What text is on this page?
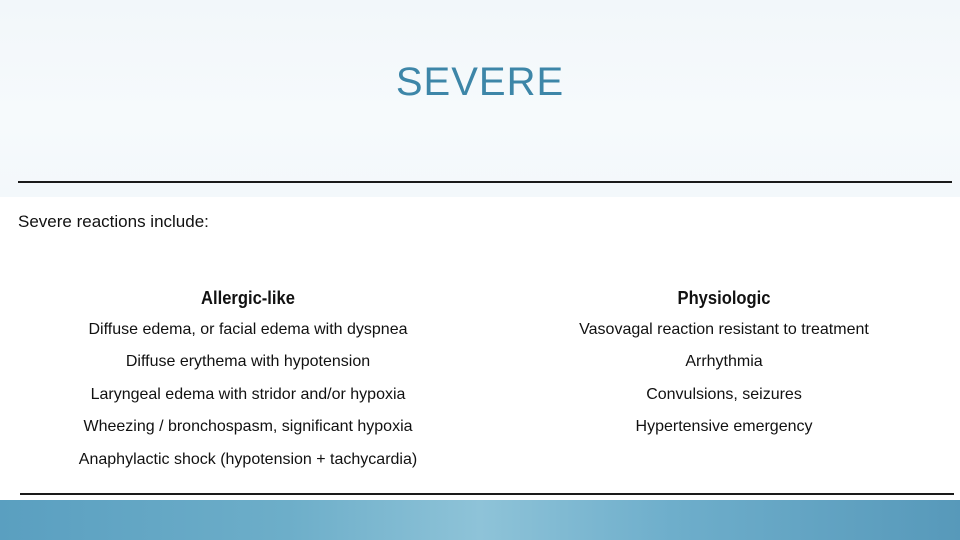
SEVERE
Severe reactions include:
Allergic-like
Diffuse edema, or facial edema with dyspnea
Diffuse erythema with hypotension
Laryngeal edema with stridor and/or hypoxia
Wheezing / bronchospasm, significant hypoxia
Anaphylactic shock (hypotension + tachycardia)
Physiologic
Vasovagal reaction resistant to treatment
Arrhythmia
Convulsions, seizures
Hypertensive emergency
